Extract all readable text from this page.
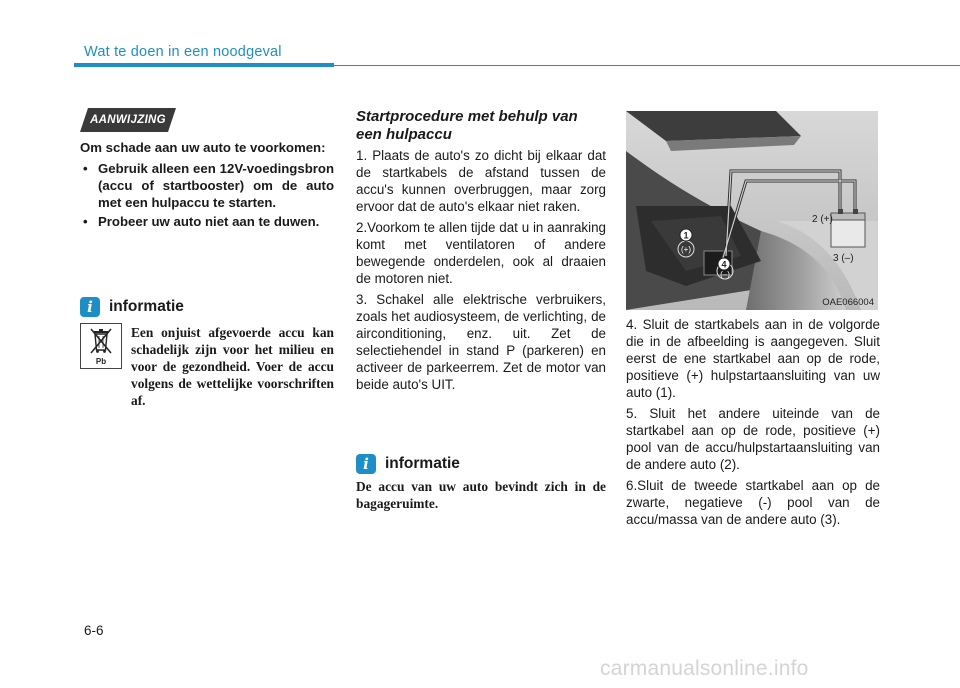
Wat te doen in een noodgeval
AANWIJZING

Om schade aan uw auto te voorkomen:

• Gebruik alleen een 12V-voedingsbron (accu of startbooster) om de auto met een hulpaccu te starten.
• Probeer uw auto niet aan te duwen.
i	informatie
Pb
Een onjuist afgevoerde accu kan schadelijk zijn voor het milieu en voor de gezondheid. Voer de accu volgens de wettelijke voorschriften af.
Startprocedure met behulp van een hulpaccu
1. Plaats de auto's zo dicht bij elkaar dat de startkabels de afstand tussen de accu's kunnen overbruggen, maar zorg ervoor dat de auto's elkaar niet raken.
2.Voorkom te allen tijde dat u in aanraking komt met ventilatoren of andere bewegende onderdelen, ook al draaien de motoren niet.
3. Schakel alle elektrische verbruikers, zoals het audiosysteem, de verlichting, de airconditioning, enz. uit. Zet de selectiehendel in stand P (parkeren) en activeer de parkeerrem. Zet de motor van beide auto's UIT.
i	informatie
De accu van uw auto bevindt zich in de bagageruimte.
1
4
(+)
(–)
2 (+)
3 (–)
OAE066004
4. Sluit de startkabels aan in de volgorde die in de afbeelding is aangegeven. Sluit eerst de ene startkabel aan op de rode, positieve (+) hulpstartaansluiting van uw auto (1).
5. Sluit het andere uiteinde van de startkabel aan op de rode, positieve (+) pool van de accu/hulpstartaansluiting van de andere auto (2).
6.Sluit de tweede startkabel aan op de zwarte, negatieve (-) pool van de accu/massa van de andere auto (3).
6-6
carmanualsonline.info
